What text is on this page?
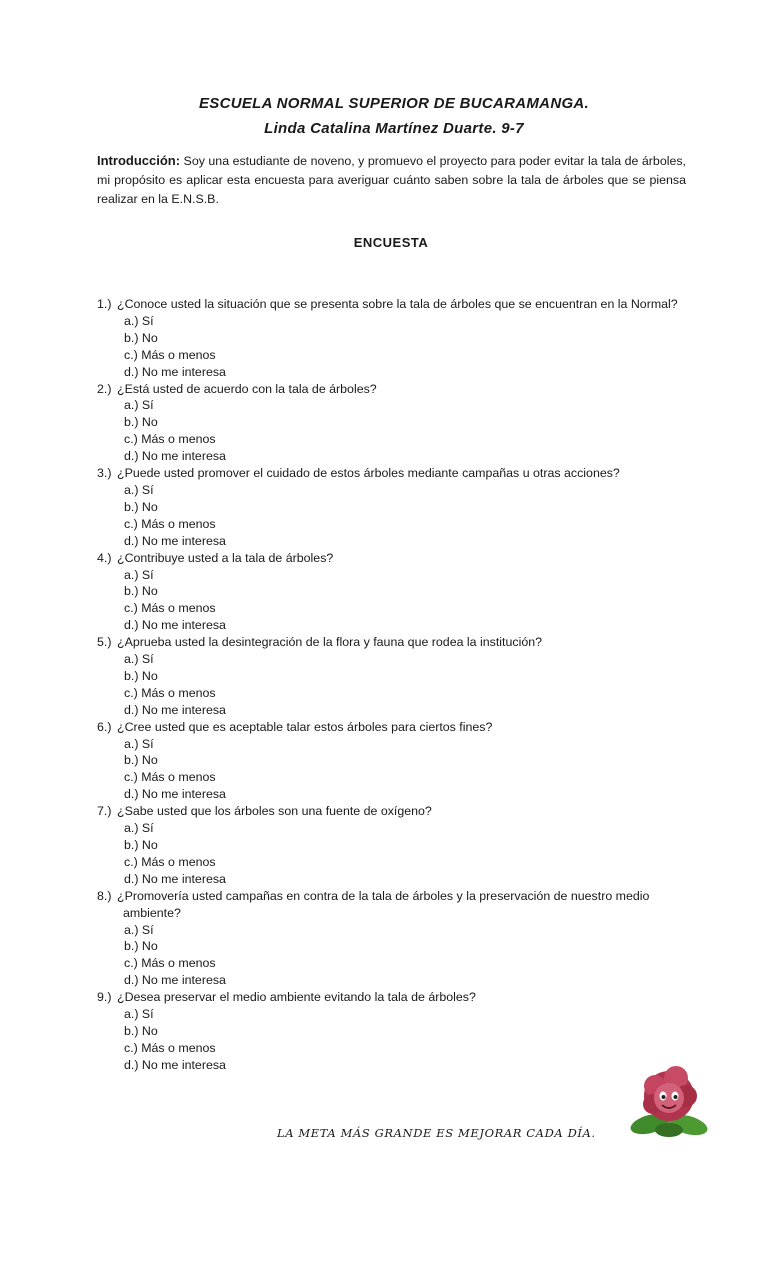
ESCUELA NORMAL SUPERIOR DE BUCARAMANGA.
Linda Catalina Martínez Duarte. 9-7
Introducción: Soy una estudiante de noveno, y promuevo el proyecto para poder evitar la tala de árboles, mi propósito es aplicar esta encuesta para averiguar cuánto saben sobre la tala de árboles que se piensa realizar en la E.N.S.B.
ENCUESTA
1.) ¿Conoce usted la situación que se presenta sobre la tala de árboles que se encuentran en la Normal?
a.) Sí
b.) No
c.) Más o menos
d.) No me interesa
2.) ¿Está usted de acuerdo con la tala de árboles?
a.) Sí
b.) No
c.) Más o menos
d.) No me interesa
3.) ¿Puede usted promover el cuidado de estos árboles mediante campañas u otras acciones?
a.) Sí
b.) No
c.) Más o menos
d.) No me interesa
4.) ¿Contribuye usted a la tala de árboles?
a.) Sí
b.) No
c.) Más o menos
d.) No me interesa
5.) ¿Aprueba usted la desintegración de la flora y fauna que rodea la institución?
a.) Sí
b.) No
c.) Más o menos
d.) No me interesa
6.) ¿Cree usted que es aceptable talar estos árboles para ciertos fines?
a.) Sí
b.) No
c.) Más o menos
d.) No me interesa
7.) ¿Sabe usted que los árboles son una fuente de oxígeno?
a.) Sí
b.) No
c.) Más o menos
d.) No me interesa
8.) ¿Promovería usted campañas en contra de la tala de árboles y la preservación de nuestro medio ambiente?
a.) Sí
b.) No
c.) Más o menos
d.) No me interesa
9.) ¿Desea preservar el medio ambiente evitando la tala de árboles?
a.) Sí
b.) No
c.) Más o menos
d.) No me interesa
LA META MÁS GRANDE ES MEJORAR CADA DÍA.
